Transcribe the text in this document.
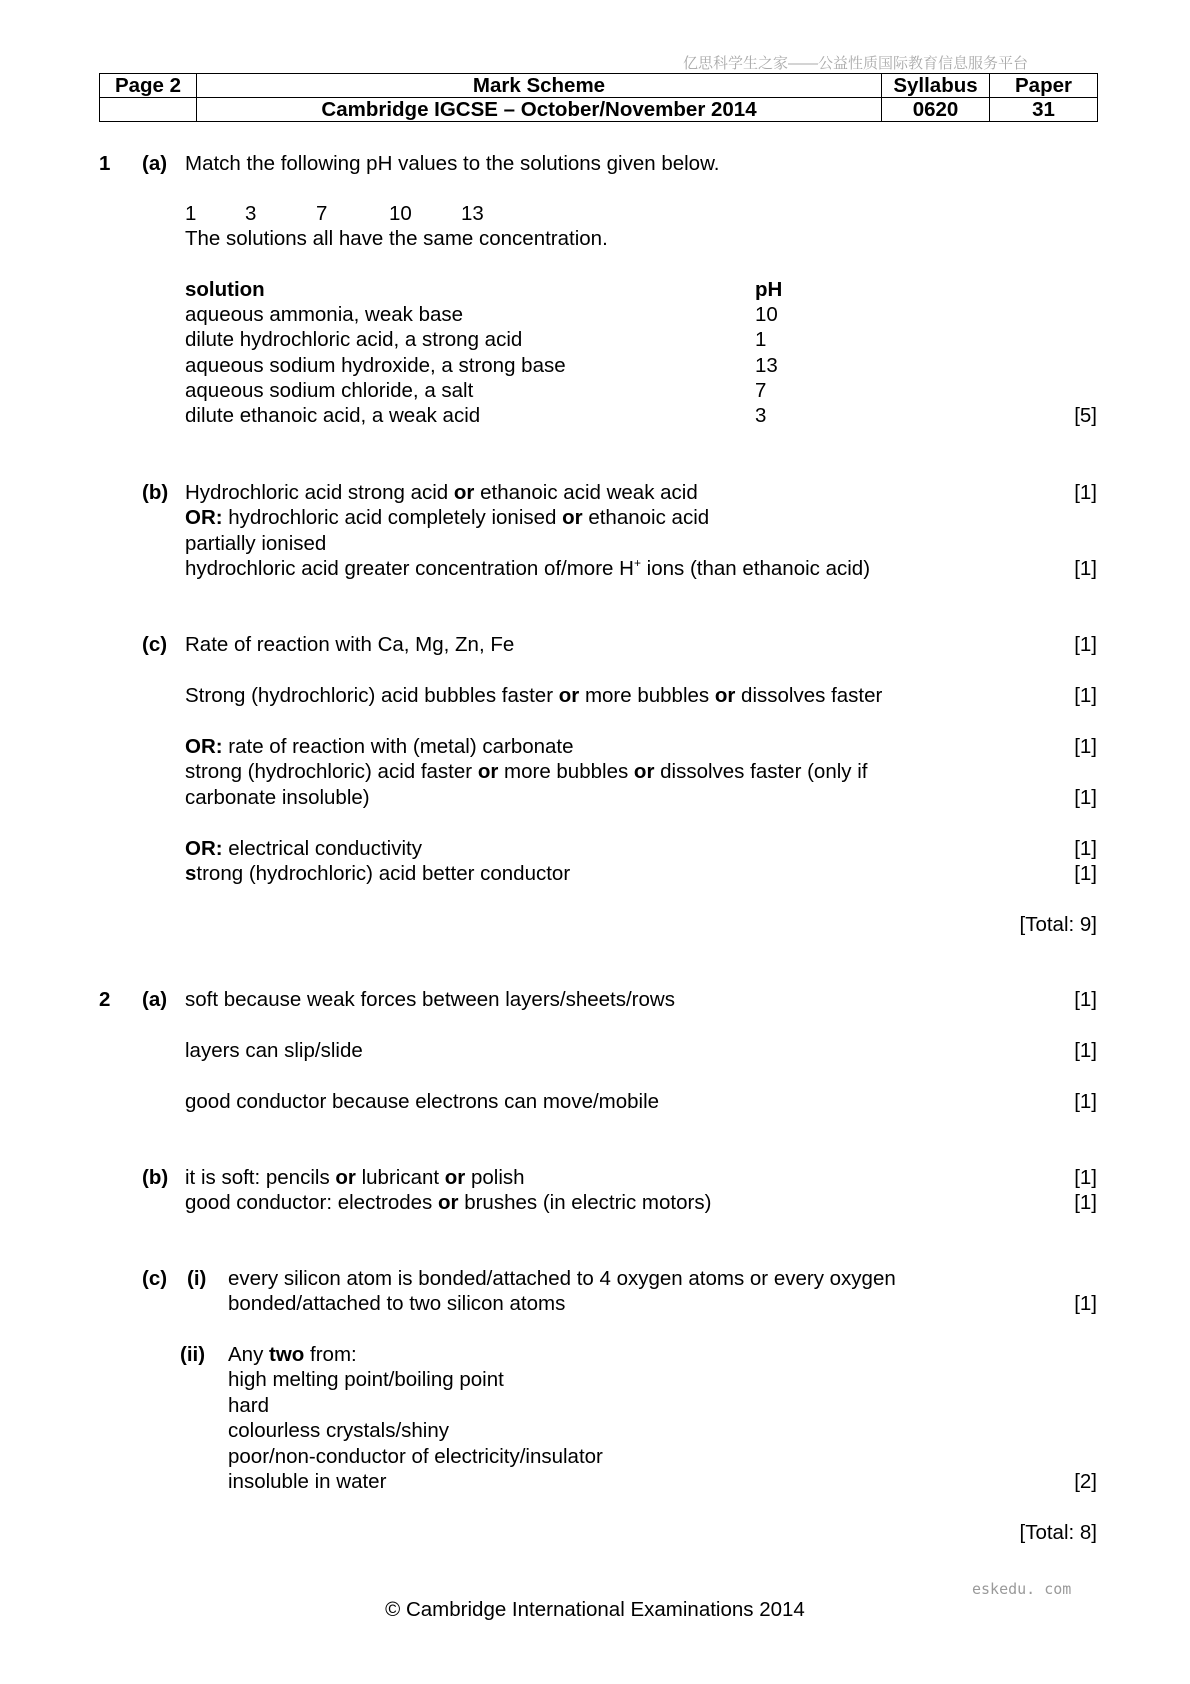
亿思科学生之家——公益性质国际教育信息服务平台
Page 2	Mark Scheme	Syllabus	Paper
	Cambridge IGCSE – October/November 2014	0620	31
1 (a) Match the following pH values to the solutions given below.
1 3	7	10 13
The solutions all have the same concentration.
solution	pH
aqueous ammonia, weak base	10
dilute hydrochloric acid, a strong acid	1
aqueous sodium hydroxide, a strong base	13
aqueous sodium chloride, a salt	7
dilute ethanoic acid, a weak acid	3	[5]
(b) Hydrochloric acid strong acid or ethanoic acid weak acid	[1]
OR: hydrochloric acid completely ionised or ethanoic acid
partially ionised
hydrochloric acid greater concentration of/more H+ ions (than ethanoic acid)	[1]
(c) Rate of reaction with Ca, Mg, Zn, Fe	[1]
Strong (hydrochloric) acid bubbles faster or more bubbles or dissolves faster	[1]
OR: rate of reaction with (metal) carbonate	[1]
strong (hydrochloric) acid faster or more bubbles or dissolves faster (only if
carbonate insoluble)	[1]
OR: electrical conductivity	[1]
strong (hydrochloric) acid better conductor	[1]
[Total: 9]
2 (a) soft because weak forces between layers/sheets/rows	[1]
layers can slip/slide	[1]
good conductor because electrons can move/mobile	[1]
(b) it is soft: pencils or lubricant or polish	[1]
good conductor: electrodes or brushes (in electric motors)	[1]
(c) (i) every silicon atom is bonded/attached to 4 oxygen atoms or every oxygen
bonded/attached to two silicon atoms	[1]
(ii) Any two from:
high melting point/boiling point
hard
colourless crystals/shiny
poor/non-conductor of electricity/insulator
insoluble in water	[2]
[Total: 8]
eskedu. com
© Cambridge International Examinations 2014
